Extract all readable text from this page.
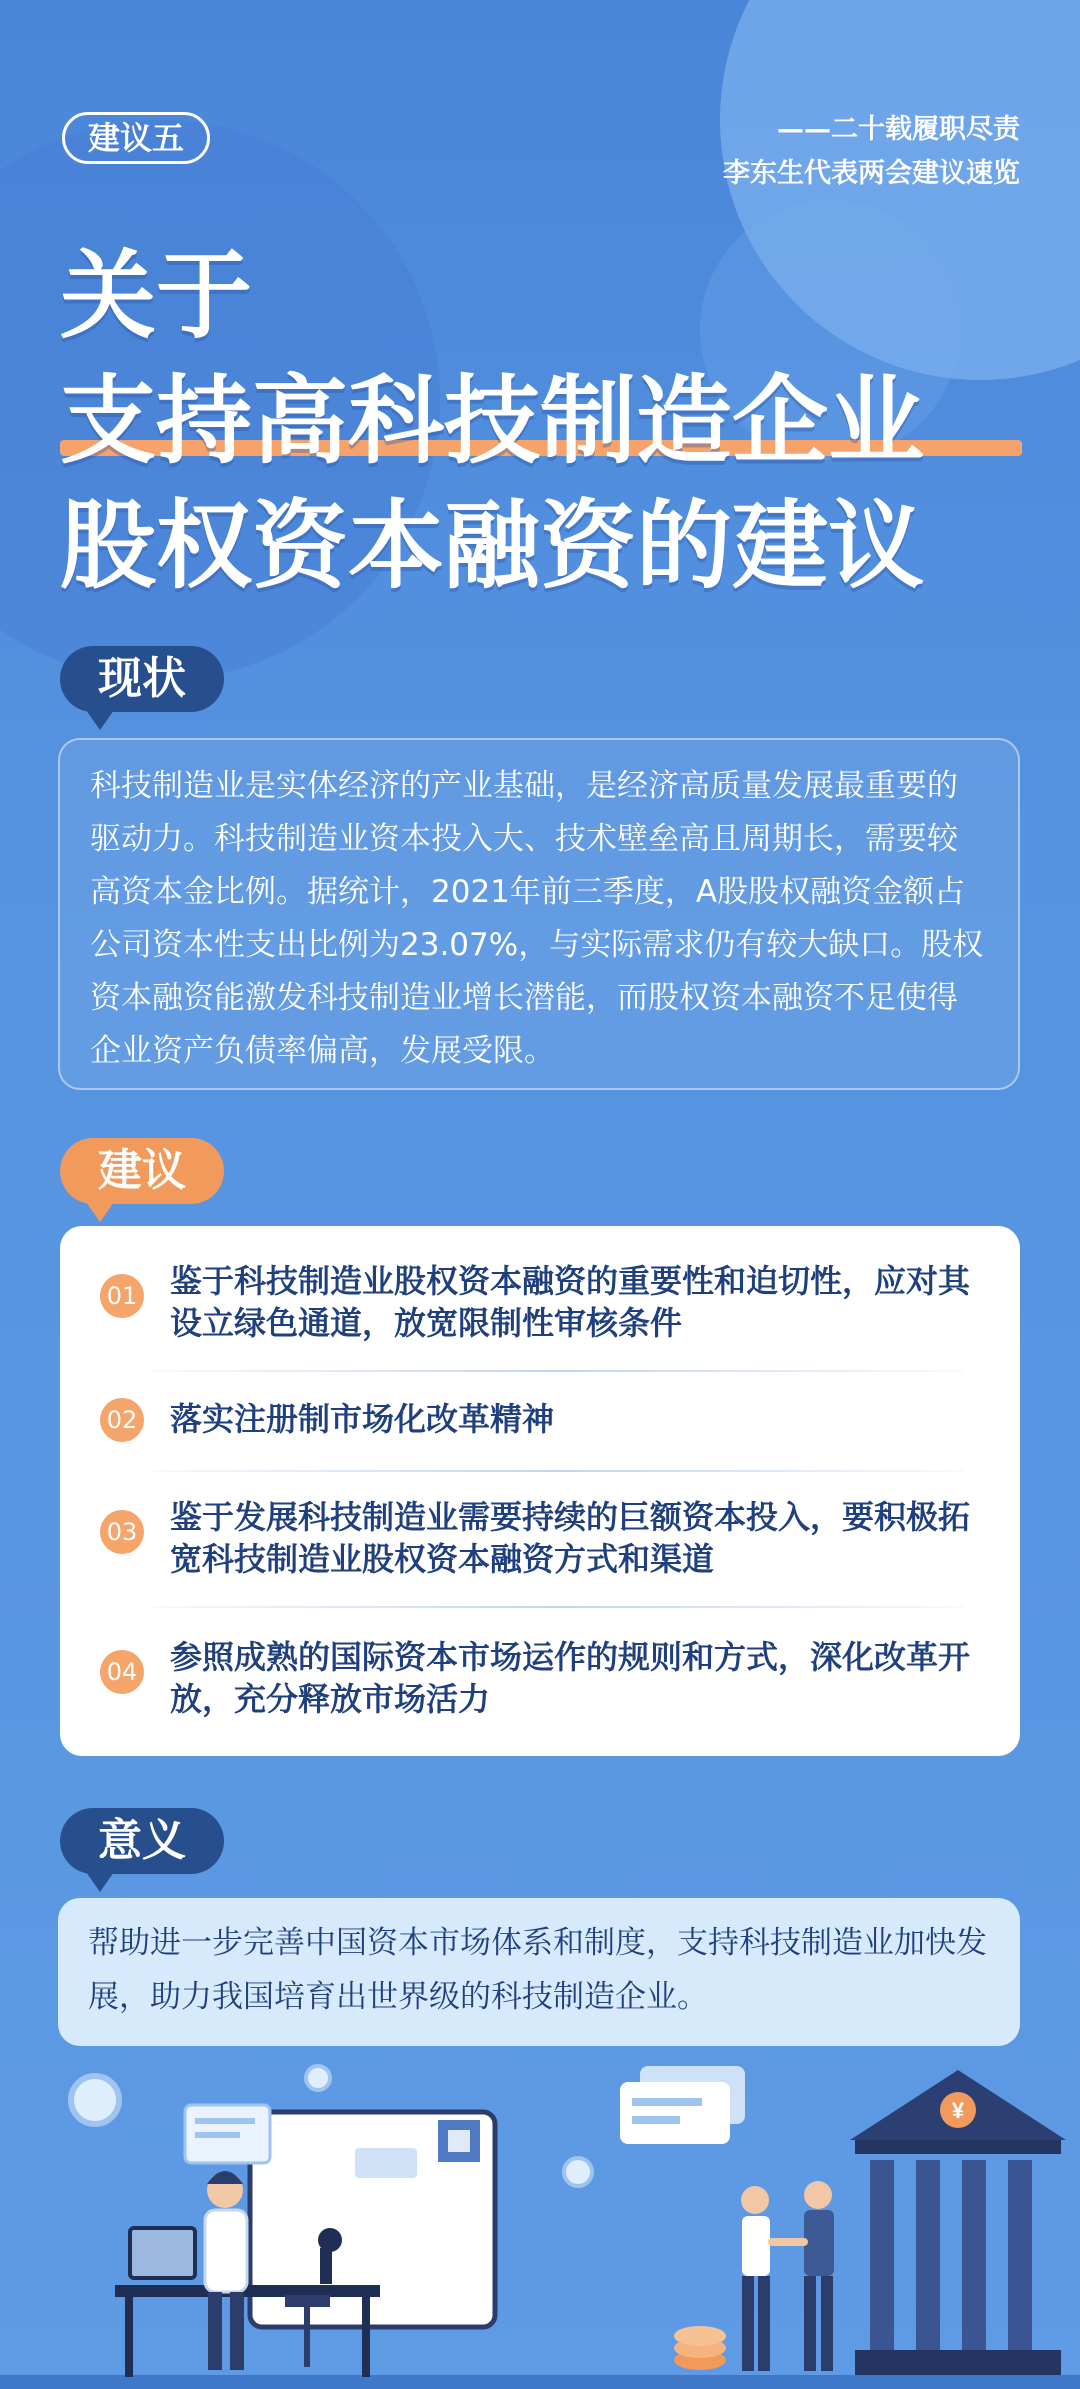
建议五	——二十载履职尽责
李东生代表两会建议速览
关于
支持高科技制造企业
股权资本融资的建议
现状
科技制造业是实体经济的产业基础，是经济高质量发展最重要的驱动力。科技制造业资本投入大、技术壁垒高且周期长，需要较高资本金比例。据统计，2021年前三季度，A股股权融资金额占公司资本性支出比例为23.07%，与实际需求仍有较大缺口。股权资本融资能激发科技制造业增长潜能，而股权资本融资不足使得企业资产负债率偏高，发展受限。
建议
01 鉴于科技制造业股权资本融资的重要性和迫切性，应对其设立绿色通道，放宽限制性审核条件
02 落实注册制市场化改革精神
03 鉴于发展科技制造业需要持续的巨额资本投入，要积极拓宽科技制造业股权资本融资方式和渠道
04 参照成熟的国际资本市场运作的规则和方式，深化改革开放，充分释放市场活力
意义
帮助进一步完善中国资本市场体系和制度，支持科技制造业加快发展，助力我国培育出世界级的科技制造企业。
¥
